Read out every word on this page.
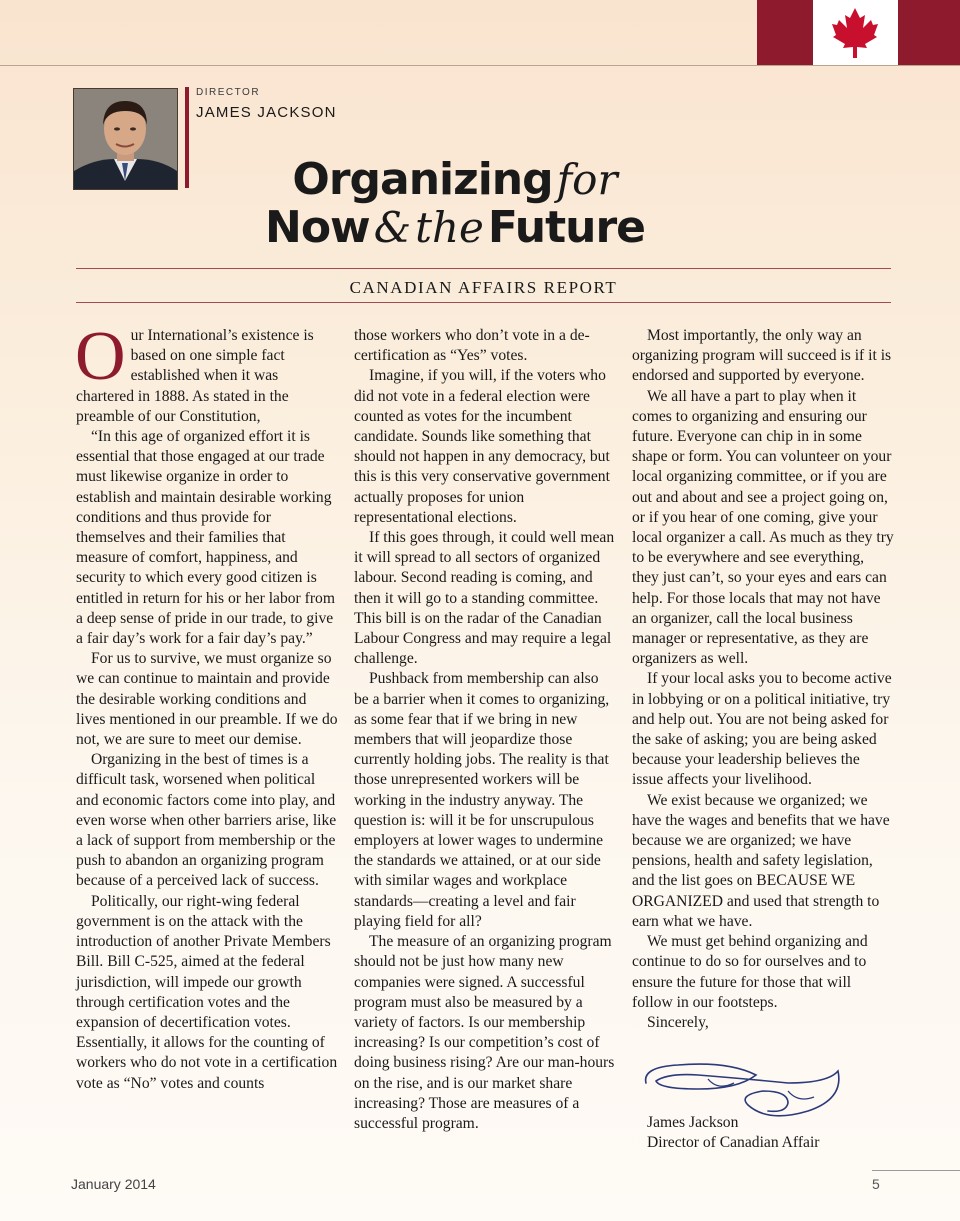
DIRECTOR
JAMES JACKSON
Organizing for
Now & the Future
CANADIAN AFFAIRS REPORT

Our International’s existence is based on one simple fact established when it was chartered in 1888. As stated in the preamble of our Constitution,

“In this age of organized effort it is essential that those engaged at our trade must likewise organize in order to establish and maintain desirable working conditions and thus provide for themselves and their families that measure of comfort, happiness, and security to which every good citizen is entitled in return for his or her labor from a deep sense of pride in our trade, to give a fair day’s work for a fair day’s pay.”

For us to survive, we must organize so we can continue to maintain and provide the desirable working conditions and lives mentioned in our preamble. If we do not, we are sure to meet our demise.

Organizing in the best of times is a difficult task, worsened when political and economic factors come into play, and even worse when other barriers arise, like a lack of support from membership or the push to abandon an organizing program because of a perceived lack of success.

Politically, our right-wing federal government is on the attack with the introduction of another Private Members Bill. Bill C-525, aimed at the federal jurisdiction, will impede our growth through certification votes and the expansion of decertification votes. Essentially, it allows for the counting of workers who do not vote in a certification vote as “No” votes and counts

those workers who don’t vote in a de-certification as “Yes” votes.

Imagine, if you will, if the voters who did not vote in a federal election were counted as votes for the incumbent candidate. Sounds like something that should not happen in any democracy, but this is this very conservative government actually proposes for union representational elections.

If this goes through, it could well mean it will spread to all sectors of organized labour. Second reading is coming, and then it will go to a standing committee. This bill is on the radar of the Canadian Labour Congress and may require a legal challenge.

Pushback from membership can also be a barrier when it comes to organizing, as some fear that if we bring in new members that will jeopardize those currently holding jobs. The reality is that those unrepresented workers will be working in the industry anyway. The question is: will it be for unscrupulous employers at lower wages to undermine the standards we attained, or at our side with similar wages and workplace standards—creating a level and fair playing field for all?

The measure of an organizing program should not be just how many new companies were signed. A successful program must also be measured by a variety of factors. Is our membership increasing? Is our competition’s cost of doing business rising? Are our man-hours on the rise, and is our market share increasing? Those are measures of a successful program.

Most importantly, the only way an organizing program will succeed is if it is endorsed and supported by everyone.

We all have a part to play when it comes to organizing and ensuring our future. Everyone can chip in in some shape or form. You can volunteer on your local organizing committee, or if you are out and about and see a project going on, or if you hear of one coming, give your local organizer a call. As much as they try to be everywhere and see everything, they just can’t, so your eyes and ears can help. For those locals that may not have an organizer, call the local business manager or representative, as they are organizers as well.

If your local asks you to become active in lobbying or on a political initiative, try and help out. You are not being asked for the sake of asking; you are being asked because your leadership believes the issue affects your livelihood.

We exist because we organized; we have the wages and benefits that we have because we are organized; we have pensions, health and safety legislation, and the list goes on BECAUSE WE ORGANIZED and used that strength to earn what we have.

We must get behind organizing and continue to do so for ourselves and to ensure the future for those that will follow in our footsteps.

Sincerely,

James Jackson
Director of Canadian Affair
January 2014	5
